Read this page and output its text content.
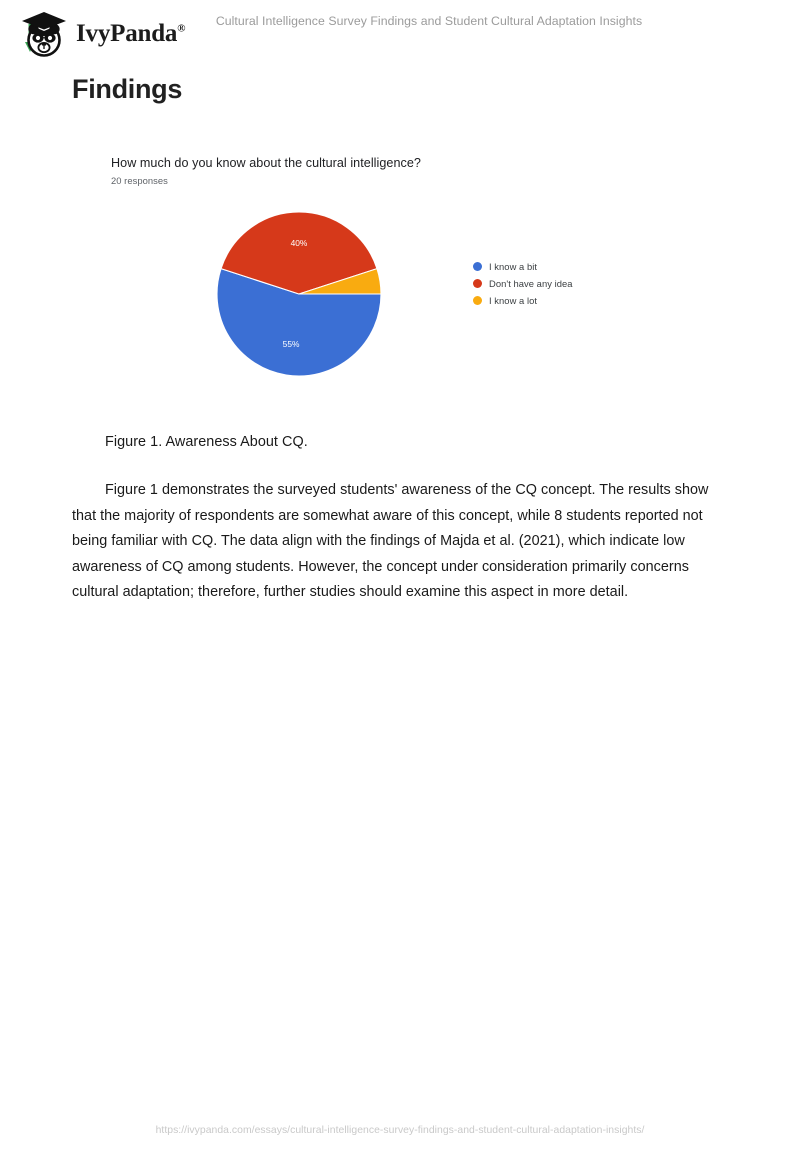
IvyPanda®
Cultural Intelligence Survey Findings and Student Cultural Adaptation Insights
Findings
How much do you know about the cultural intelligence?
20 responses
55%
40%
I know a bit
Don't have any idea
I know a lot
Figure 1. Awareness About CQ.
Figure 1 demonstrates the surveyed students' awareness of the CQ concept. The results show that the majority of respondents are somewhat aware of this concept, while 8 students reported not being familiar with CQ. The data align with the findings of Majda et al. (2021), which indicate low awareness of CQ among students. However, the concept under consideration primarily concerns cultural adaptation; therefore, further studies should examine this aspect in more detail.
https://ivypanda.com/essays/cultural-intelligence-survey-findings-and-student-cultural-adaptation-insights/
